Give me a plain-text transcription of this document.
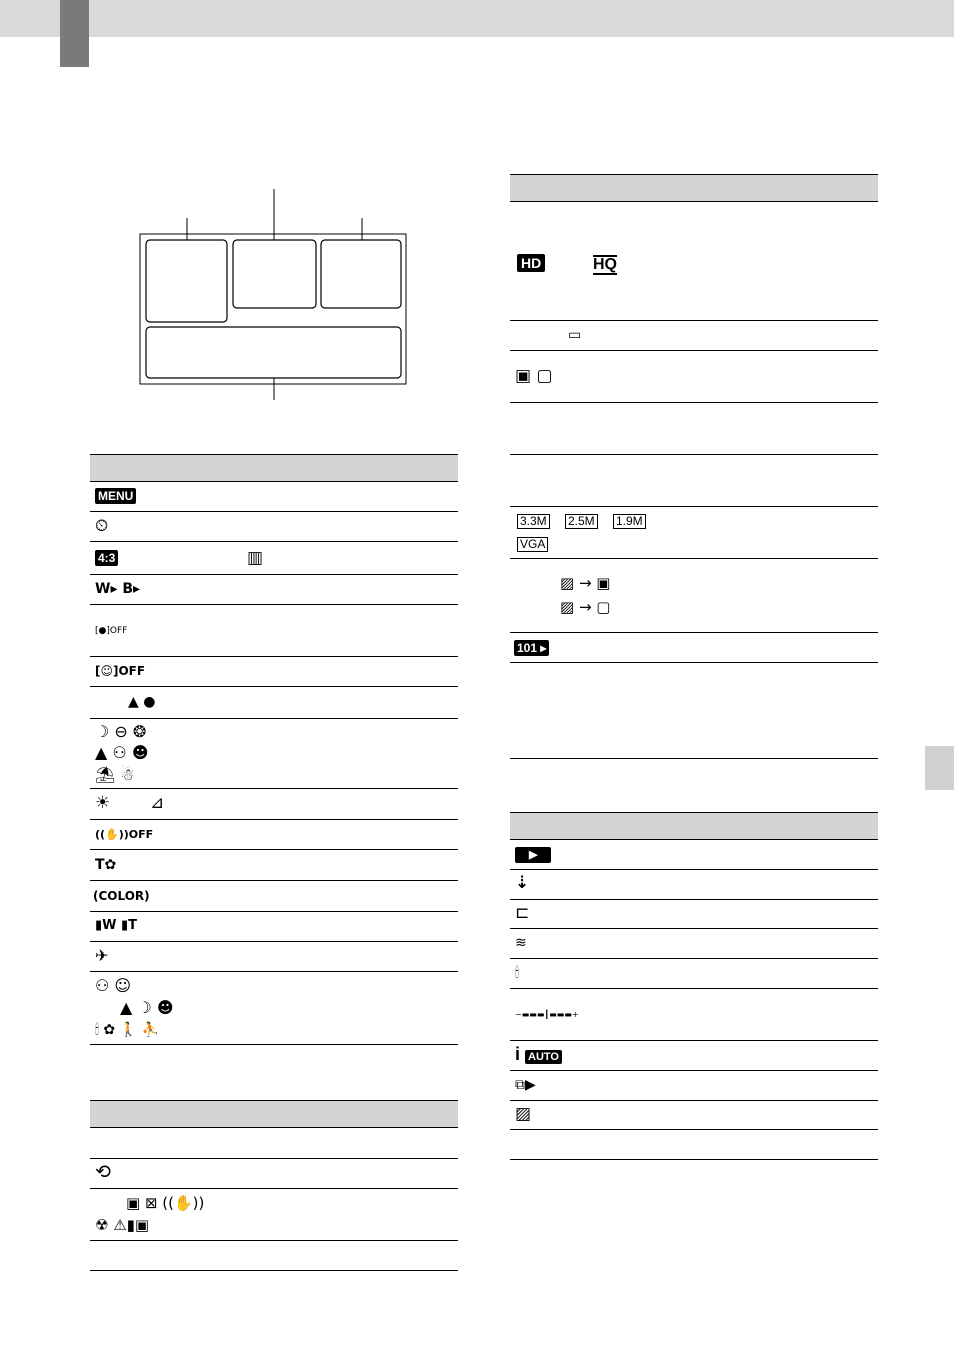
MENU
⏲
4:3	▥
W▸ B▸
[●]OFF
[☺]OFF
▲ ●
☽ ⊖ ❂
▲ ⚇ ☻
⛱ ☃
☀ ⊿
((✋))OFF
T✿
(COLOR)
▮W ▮T
✈
⚇ ☺
▲ ☽ ☻
🕯 ✿ 🚶 ⛹
⟲
▣ ⊠ ((✋))
☢ ⚠▮▣
HD	HQ
▭
▣ ▢
3.3M 2.5M 1.9M
VGA
▨ → ▣
▨ → ▢
101 ▸
▶
⇣
⊏
≋
🕯
−▬▬▬┃▬▬▬+
i AUTO
⧉▶
▨
